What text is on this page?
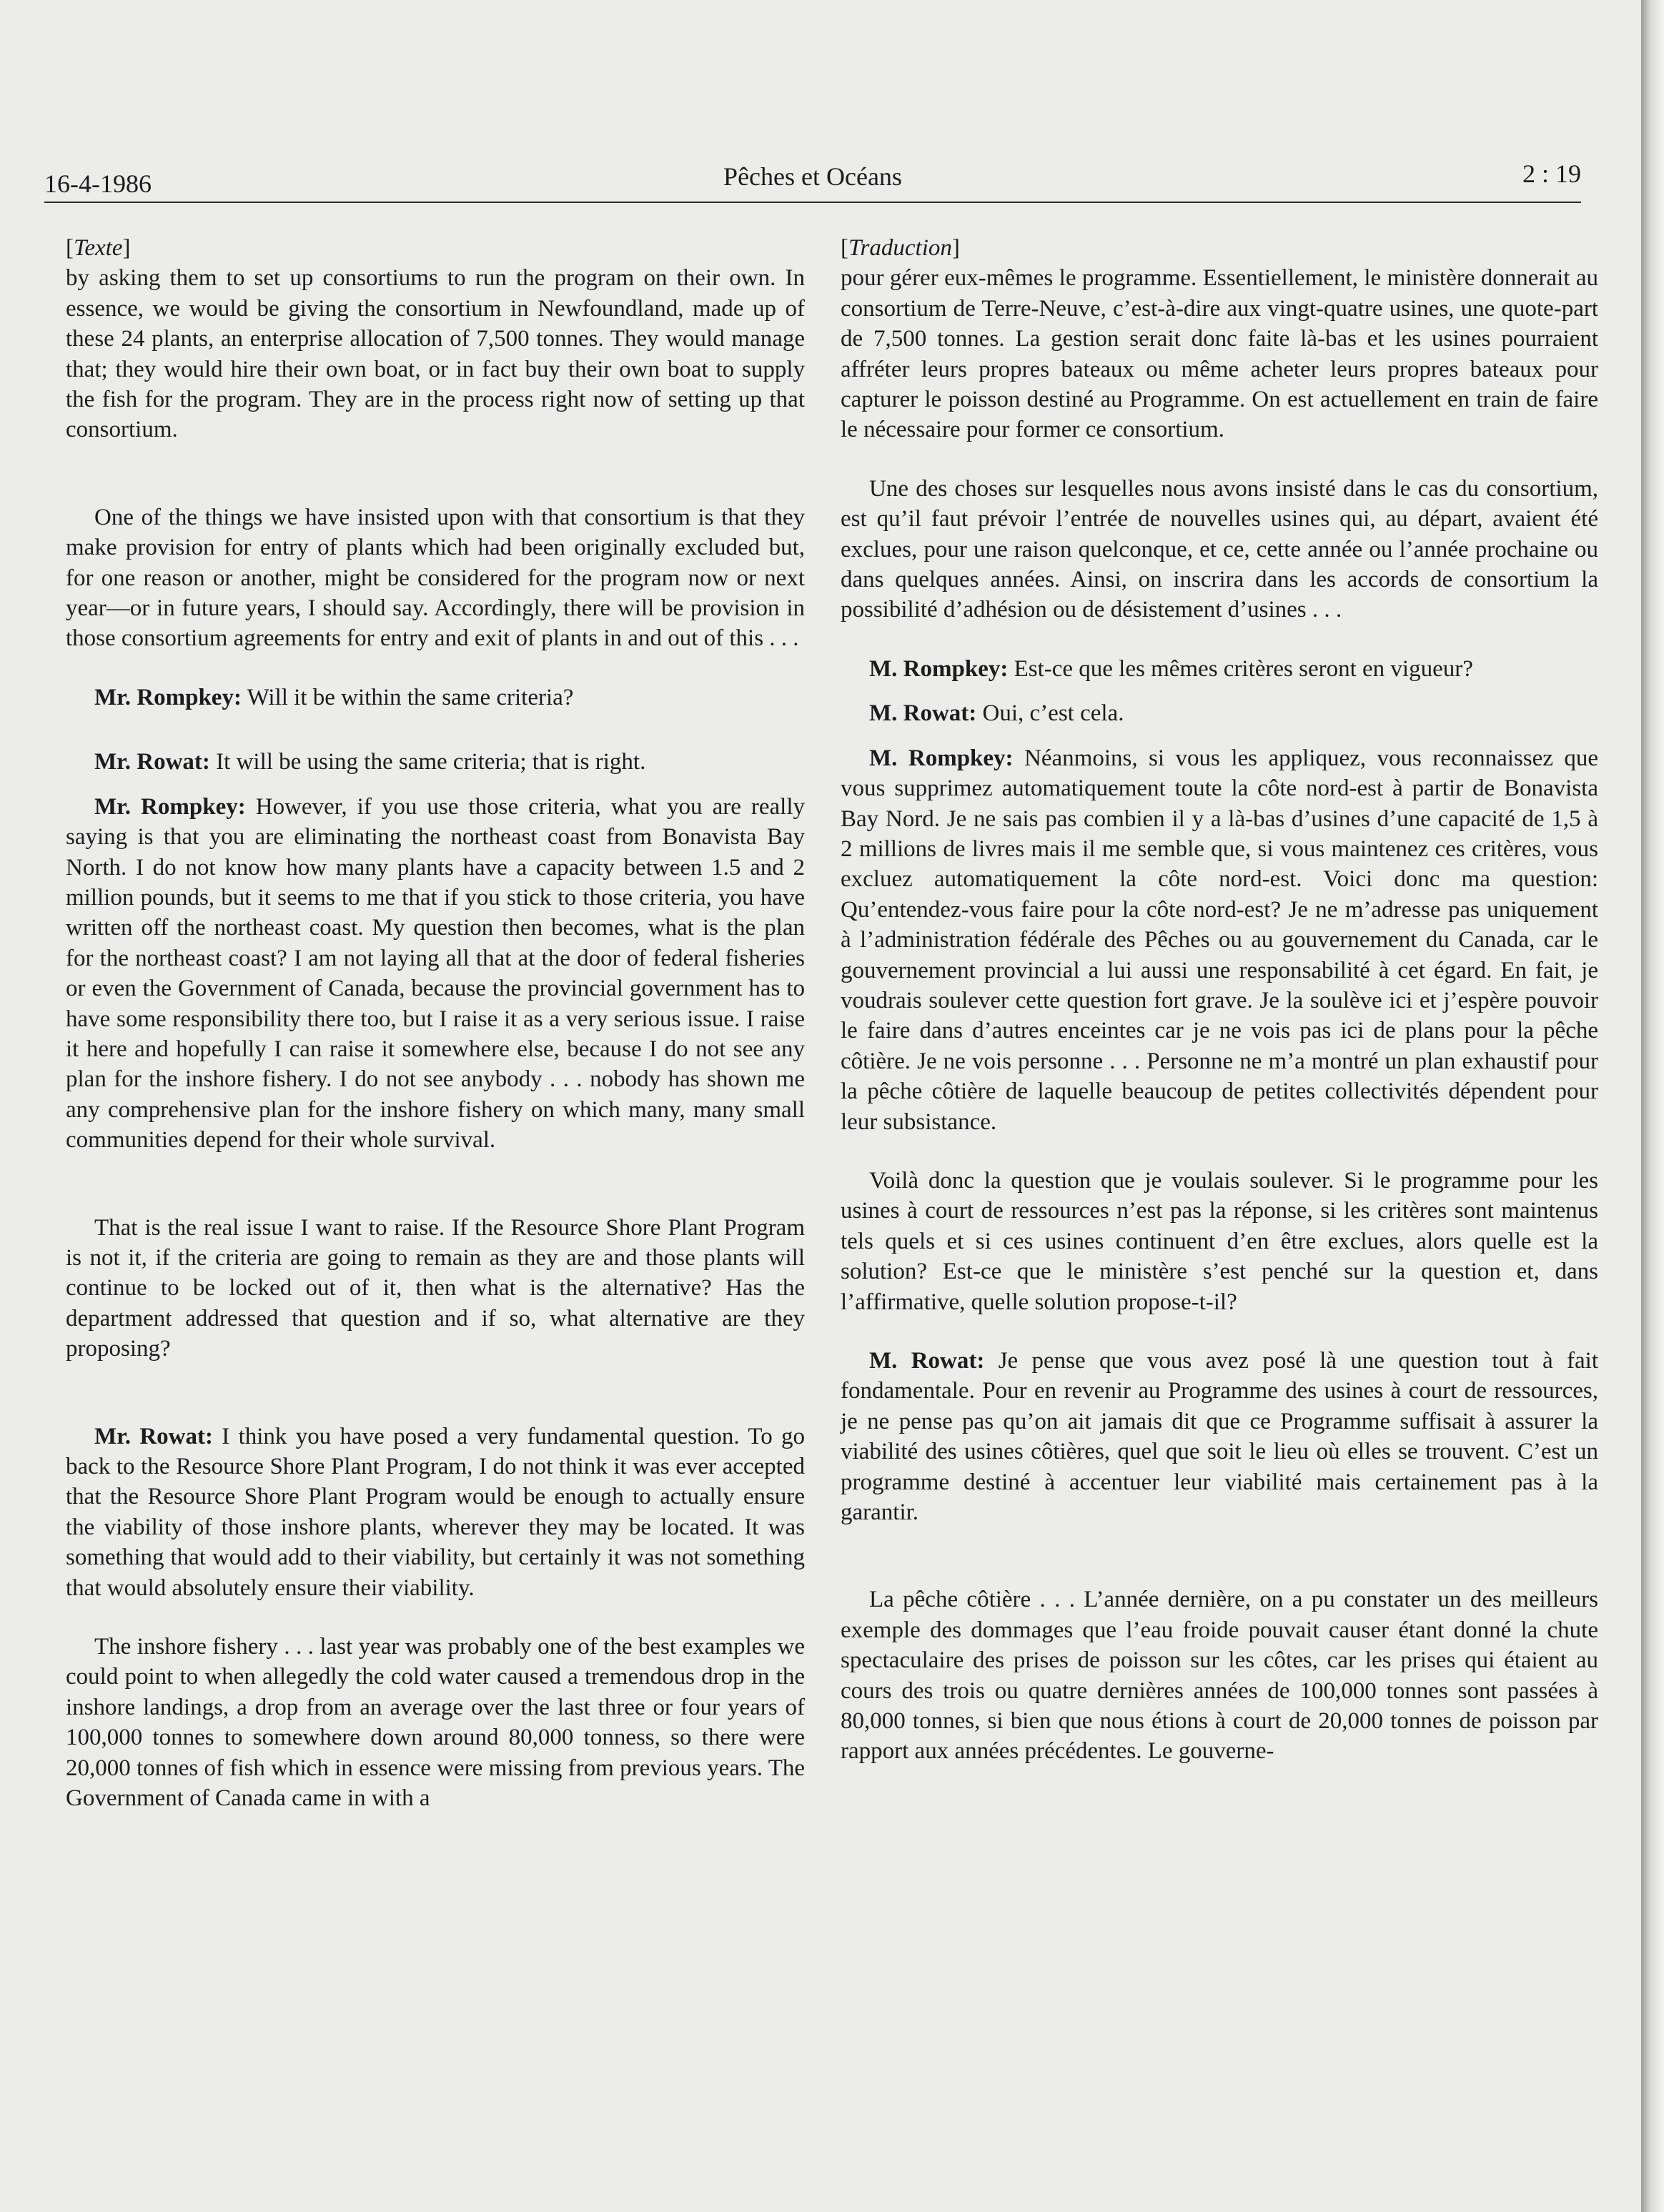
16-4-1986	Pêches et Océans	2 : 19

[Texte]

by asking them to set up consortiums to run the program on their own. In essence, we would be giving the consortium in Newfoundland, made up of these 24 plants, an enterprise allocation of 7,500 tonnes. They would manage that; they would hire their own boat, or in fact buy their own boat to supply the fish for the program. They are in the process right now of setting up that consortium.

One of the things we have insisted upon with that consortium is that they make provision for entry of plants which had been originally excluded but, for one reason or another, might be considered for the program now or next year—or in future years, I should say. Accordingly, there will be provision in those consortium agreements for entry and exit of plants in and out of this . . .

Mr. Rompkey: Will it be within the same criteria?

Mr. Rowat: It will be using the same criteria; that is right.

Mr. Rompkey: However, if you use those criteria, what you are really saying is that you are eliminating the northeast coast from Bonavista Bay North. I do not know how many plants have a capacity between 1.5 and 2 million pounds, but it seems to me that if you stick to those criteria, you have written off the northeast coast. My question then becomes, what is the plan for the northeast coast? I am not laying all that at the door of federal fisheries or even the Government of Canada, because the provincial government has to have some responsibility there too, but I raise it as a very serious issue. I raise it here and hopefully I can raise it somewhere else, because I do not see any plan for the inshore fishery. I do not see anybody . . . nobody has shown me any comprehensive plan for the inshore fishery on which many, many small communities depend for their whole survival.

That is the real issue I want to raise. If the Resource Shore Plant Program is not it, if the criteria are going to remain as they are and those plants will continue to be locked out of it, then what is the alternative? Has the department addressed that question and if so, what alternative are they proposing?

Mr. Rowat: I think you have posed a very fundamental question. To go back to the Resource Shore Plant Program, I do not think it was ever accepted that the Resource Shore Plant Program would be enough to actually ensure the viability of those inshore plants, wherever they may be located. It was something that would add to their viability, but certainly it was not something that would absolutely ensure their viability.

The inshore fishery . . . last year was probably one of the best examples we could point to when allegedly the cold water caused a tremendous drop in the inshore landings, a drop from an average over the last three or four years of 100,000 tonnes to somewhere down around 80,000 tonness, so there were 20,000 tonnes of fish which in essence were missing from previous years. The Government of Canada came in with a

[Traduction]

pour gérer eux-mêmes le programme. Essentiellement, le ministère donnerait au consortium de Terre-Neuve, c’est-à-dire aux vingt-quatre usines, une quote-part de 7,500 tonnes. La gestion serait donc faite là-bas et les usines pourraient affréter leurs propres bateaux ou même acheter leurs propres bateaux pour capturer le poisson destiné au Programme. On est actuellement en train de faire le nécessaire pour former ce consortium.

Une des choses sur lesquelles nous avons insisté dans le cas du consortium, est qu’il faut prévoir l’entrée de nouvelles usines qui, au départ, avaient été exclues, pour une raison quelconque, et ce, cette année ou l’année prochaine ou dans quelques années. Ainsi, on inscrira dans les accords de consortium la possibilité d’adhésion ou de désistement d’usines . . .

M. Rompkey: Est-ce que les mêmes critères seront en vigueur?

M. Rowat: Oui, c’est cela.

M. Rompkey: Néanmoins, si vous les appliquez, vous reconnaissez que vous supprimez automatiquement toute la côte nord-est à partir de Bonavista Bay Nord. Je ne sais pas combien il y a là-bas d’usines d’une capacité de 1,5 à 2 millions de livres mais il me semble que, si vous maintenez ces critères, vous excluez automatiquement la côte nord-est. Voici donc ma question: Qu’entendez-vous faire pour la côte nord-est? Je ne m’adresse pas uniquement à l’administration fédérale des Pêches ou au gouvernement du Canada, car le gouvernement provincial a lui aussi une responsabilité à cet égard. En fait, je voudrais soulever cette question fort grave. Je la soulève ici et j’espère pouvoir le faire dans d’autres enceintes car je ne vois pas ici de plans pour la pêche côtière. Je ne vois personne . . . Personne ne m’a montré un plan exhaustif pour la pêche côtière de laquelle beaucoup de petites collectivités dépendent pour leur subsistance.

Voilà donc la question que je voulais soulever. Si le programme pour les usines à court de ressources n’est pas la réponse, si les critères sont maintenus tels quels et si ces usines continuent d’en être exclues, alors quelle est la solution? Est-ce que le ministère s’est penché sur la question et, dans l’affirmative, quelle solution propose-t-il?

M. Rowat: Je pense que vous avez posé là une question tout à fait fondamentale. Pour en revenir au Programme des usines à court de ressources, je ne pense pas qu’on ait jamais dit que ce Programme suffisait à assurer la viabilité des usines côtières, quel que soit le lieu où elles se trouvent. C’est un programme destiné à accentuer leur viabilité mais certainement pas à la garantir.

La pêche côtière . . . L’année dernière, on a pu constater un des meilleurs exemple des dommages que l’eau froide pouvait causer étant donné la chute spectaculaire des prises de poisson sur les côtes, car les prises qui étaient au cours des trois ou quatre dernières années de 100,000 tonnes sont passées à 80,000 tonnes, si bien que nous étions à court de 20,000 tonnes de poisson par rapport aux années précédentes. Le gouverne-
